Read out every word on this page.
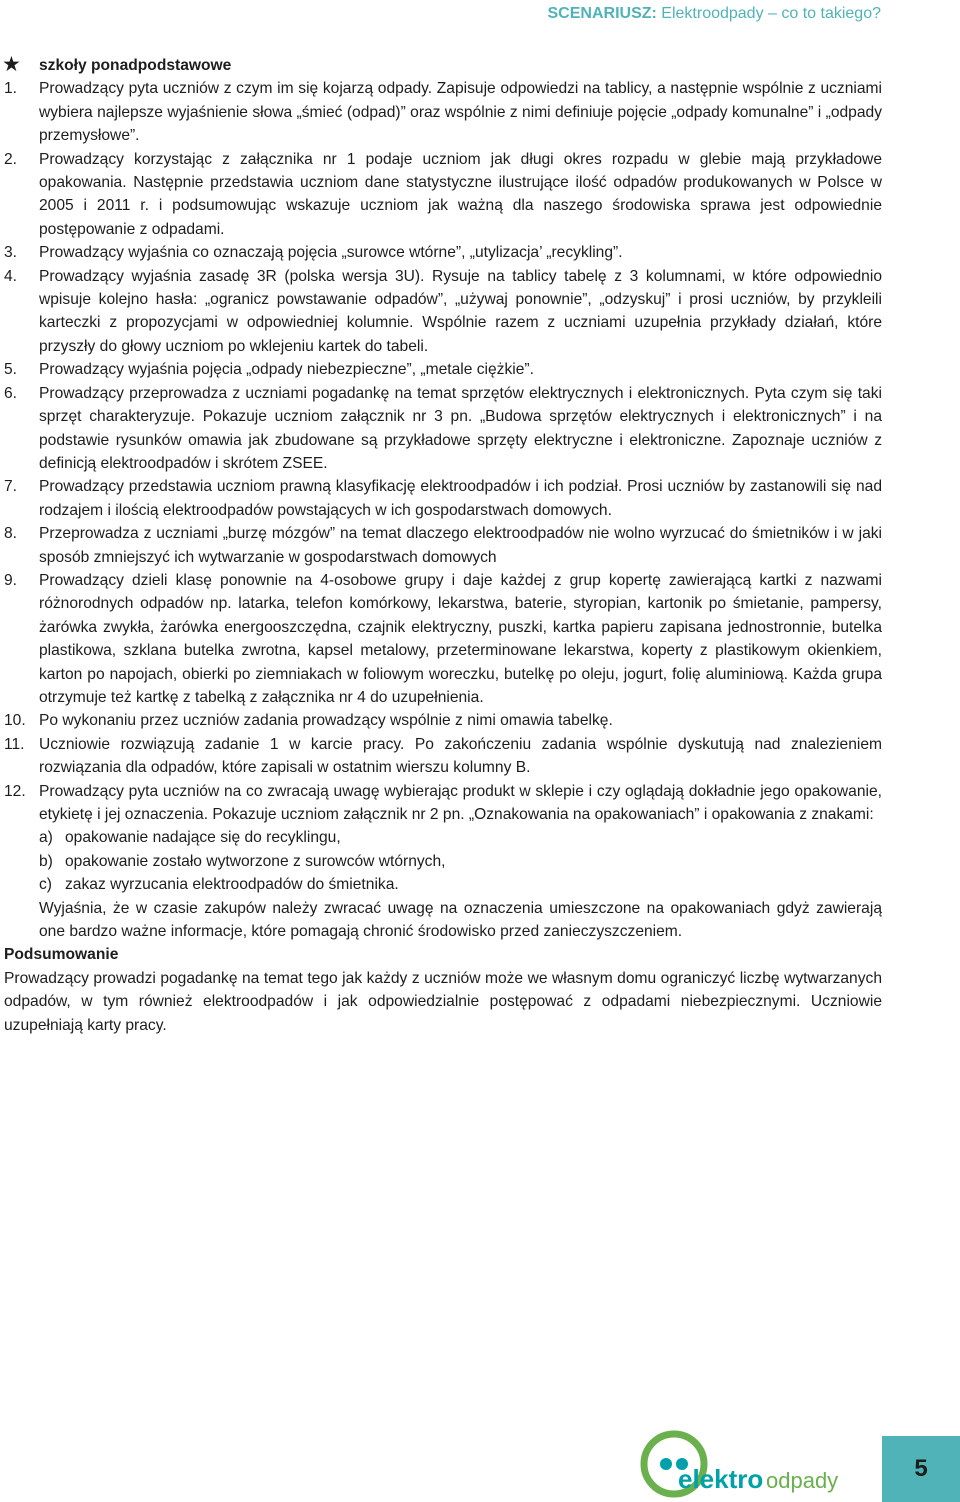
SCENARIUSZ: Elektroodpady – co to takiego?
★ szkoły ponadpodstawowe
1.	Prowadzący pyta uczniów z czym im się kojarzą odpady. Zapisuje odpowiedzi na tablicy, a następnie wspólnie z uczniami wybiera najlepsze wyjaśnienie słowa „śmieć (odpad)” oraz wspólnie z nimi definiuje pojęcie „odpady komunalne” i „odpady przemysłowe”.
2.	Prowadzący korzystając z załącznika nr 1 podaje uczniom jak długi okres rozpadu w glebie mają przykładowe opakowania. Następnie przedstawia uczniom dane statystyczne ilustrujące ilość odpadów produkowanych w Polsce w 2005 i 2011 r. i podsumowując wskazuje uczniom jak ważną dla naszego środowiska sprawa jest odpowiednie postępowanie z odpadami.
3.	Prowadzący wyjaśnia co oznaczają pojęcia „surowce wtórne”, „utylizacja’ „recykling”.
4.	Prowadzący wyjaśnia zasadę 3R (polska wersja 3U). Rysuje na tablicy tabelę z 3 kolumnami, w które odpowiednio wpisuje kolejno hasła: „ogranicz powstawanie odpadów”, „używaj ponownie”, „odzyskuj” i prosi uczniów, by przykleili karteczki z propozycjami w odpowiedniej kolumnie. Wspólnie razem z uczniami uzupełnia przykłady działań, które przyszły do głowy uczniom po wklejeniu kartek do tabeli.
5.	Prowadzący wyjaśnia pojęcia „odpady niebezpieczne”, „metale ciężkie”.
6.	Prowadzący przeprowadza z uczniami pogadankę na temat sprzętów elektrycznych i elektronicznych. Pyta czym się taki sprzęt charakteryzuje. Pokazuje uczniom załącznik nr 3 pn. „Budowa sprzętów elektrycznych i elektronicznych” i na podstawie rysunków omawia jak zbudowane są przykładowe sprzęty elektryczne i elektroniczne. Zapoznaje uczniów z definicją elektroodpadów i skrótem ZSEE.
7.	Prowadzący przedstawia uczniom prawną klasyfikację elektroodpadów i ich podział. Prosi uczniów by zastanowili się nad rodzajem i ilością elektroodpadów powstających w ich gospodarstwach domowych.
8.	Przeprowadza z uczniami „burzę mózgów” na temat dlaczego elektroodpadów nie wolno wyrzucać do śmietników i w jaki sposób zmniejszyć ich wytwarzanie w gospodarstwach domowych
9.	Prowadzący dzieli klasę ponownie na 4-osobowe grupy i daje każdej z grup kopertę zawierającą kartki z nazwami różnorodnych odpadów np. latarka, telefon komórkowy, lekarstwa, baterie, styropian, kartonik po śmietanie, pampersy, żarówka zwykła, żarówka energooszczędna, czajnik elektryczny, puszki, kartka papieru zapisana jednostronnie, butelka plastikowa, szklana butelka zwrotna, kapsel metalowy, przeterminowane lekarstwa, koperty z plastikowym okienkiem, karton po napojach, obierki po ziemniakach w foliowym woreczku, butelkę po oleju, jogurt, folię aluminiową. Każda grupa otrzymuje też kartkę z tabelką z załącznika nr 4 do uzupełnienia.
10. Po wykonaniu przez uczniów zadania prowadzący wspólnie z nimi omawia tabelkę.
11. Uczniowie rozwiązują zadanie 1 w karcie pracy. Po zakończeniu zadania wspólnie dyskutują nad znalezieniem rozwiązania dla odpadów, które zapisali w ostatnim wierszu kolumny B.
12. Prowadzący pyta uczniów na co zwracają uwagę wybierając produkt w sklepie i czy oglądają dokładnie jego opakowanie, etykietę i jej oznaczenia. Pokazuje uczniom załącznik nr 2 pn. „Oznakowania na opakowaniach” i opakowania z znakami:
a) opakowanie nadające się do recyklingu,
b) opakowanie zostało wytworzone z surowców wtórnych,
c) zakaz wyrzucania elektroodpadów do śmietnika.
Wyjaśnia, że w czasie zakupów należy zwracać uwagę na oznaczenia umieszczone na opakowaniach gdyż zawierają one bardzo ważne informacje, które pomagają chronić środowisko przed zanieczyszczeniem.
Podsumowanie
Prowadzący prowadzi pogadankę na temat tego jak każdy z uczniów może we własnym domu ograniczyć liczbę wytwarzanych odpadów, w tym również elektroodpadów i jak odpowiedzialnie postępować z odpadami niebezpiecznymi. Uczniowie uzupełniają karty pracy.
elektro odpady	5
